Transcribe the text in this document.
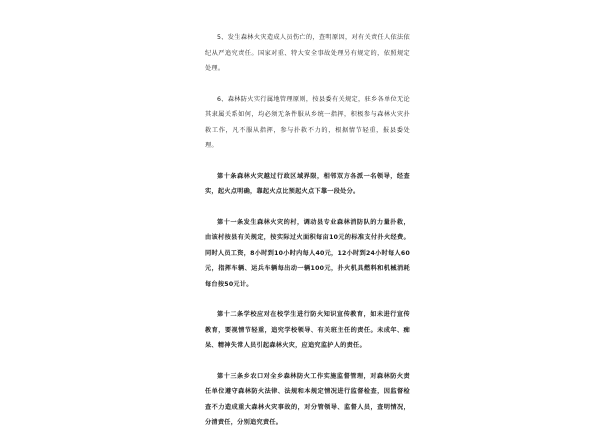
5、发生森林火灾造成人员伤亡的，查明原因，对有关责任人依法依纪从严追究责任。国家对重、特大安全事故处理另有规定的，依照规定处理。

6、森林防火实行属地管理原则，按县委有关规定，驻乡各单位无论其隶属关系如何，均必须无条件服从乡统一指挥，积极参与森林火灾扑救工作，凡不服从指挥，参与扑救不力的，根据情节轻重，报县委处理。

第十条森林火灾越过行政区域界限，相邻双方各派一名领导，经查实，起火点明确，靠起火点比预起火点下靠一段处分。

第十一条发生森林火灾的村，调动县专业森林消防队的力量扑救，由该村按县有关规定，按实际过火面积每亩10元的标准支付扑火经费。同时人员工资，8小时到10小时内每人40元，12小时到24小时每人60元，指挥车辆、运兵车辆每出动一辆100元，扑火机具燃料和机械消耗每台按50元计。

第十二条学校应对在校学生进行防火知识宣传教育，如未进行宣传教育，要视情节轻重，追究学校领导、有关班主任的责任。未成年、痴呆、精神失常人员引起森林火灾，应追究监护人的责任。

第十三条乡农口对全乡森林防火工作实施监督管理，对森林防火责任单位遵守森林防火法律、法规和本规定情况进行监督检查，因监督检查不力造成重大森林火灾事故的，对分管领导、监督人员，查明情况，分清责任，分别追究责任。
